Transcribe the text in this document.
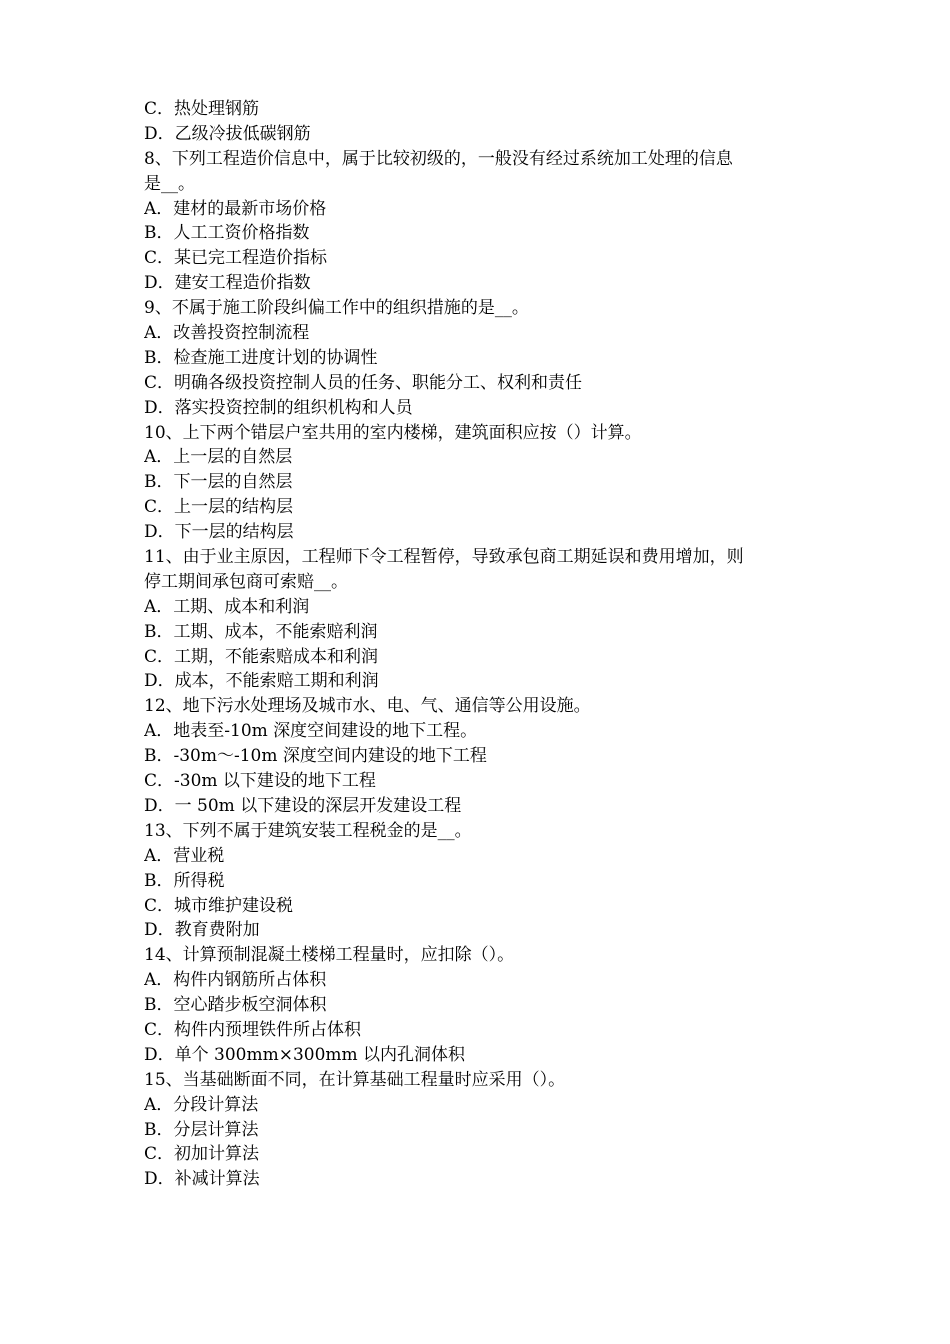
C．热处理钢筋
D．乙级冷拔低碳钢筋
8、下列工程造价信息中，属于比较初级的，一般没有经过系统加工处理的信息
是__。
A．建材的最新市场价格
B．人工工资价格指数
C．某已完工程造价指标
D．建安工程造价指数
9、不属于施工阶段纠偏工作中的组织措施的是__。
A．改善投资控制流程
B．检查施工进度计划的协调性
C．明确各级投资控制人员的任务、职能分工、权利和责任
D．落实投资控制的组织机构和人员
10、上下两个错层户室共用的室内楼梯，建筑面积应按（）计算。
A．上一层的自然层
B．下一层的自然层
C．上一层的结构层
D．下一层的结构层
11、由于业主原因，工程师下令工程暂停，导致承包商工期延误和费用增加，则
停工期间承包商可索赔__。
A．工期、成本和利润
B．工期、成本，不能索赔利润
C．工期，不能索赔成本和利润
D．成本，不能索赔工期和利润
12、地下污水处理场及城市水、电、气、通信等公用设施。
A．地表至-10m 深度空间建设的地下工程。
B．-30m～-10m 深度空间内建设的地下工程
C．-30m 以下建设的地下工程
D．一 50m 以下建设的深层开发建设工程
13、下列不属于建筑安装工程税金的是__。
A．营业税
B．所得税
C．城市维护建设税
D．教育费附加
14、计算预制混凝土楼梯工程量时，应扣除（）。
A．构件内钢筋所占体积
B．空心踏步板空洞体积
C．构件内预埋铁件所占体积
D．单个 300mm×300mm 以内孔洞体积
15、当基础断面不同，在计算基础工程量时应采用（）。
A．分段计算法
B．分层计算法
C．初加计算法
D．补减计算法
